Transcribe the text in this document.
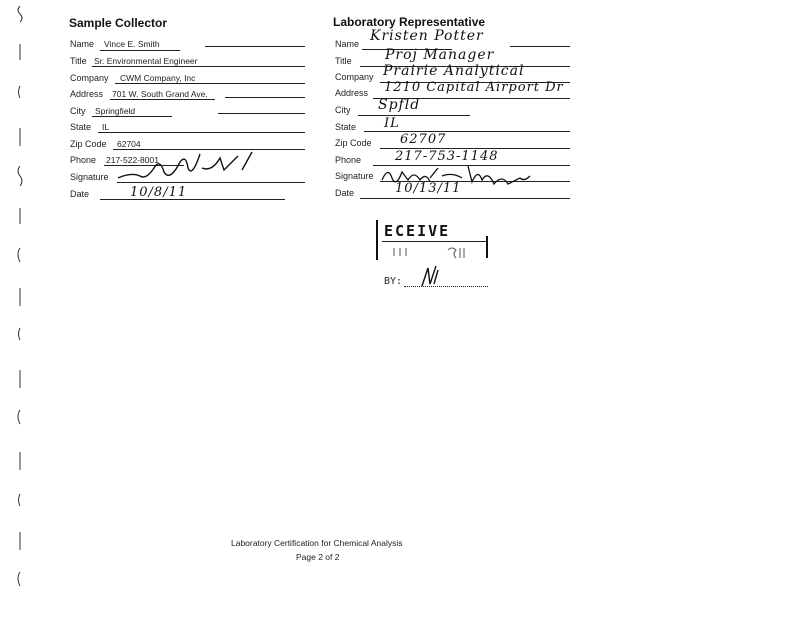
Sample Collector
Name Vince E. Smith
Title Sr. Environmental Engineer
Company CWM Company, Inc
Address 701 W. South Grand Ave.
City Springfield
State IL
Zip Code 62704
Phone 217-522-8001
Signature
Date	10/8/11
Laboratory Representative
Name Kristen Potter
Title Proj Manager
Company Prairie Analytical
Address 1210 Capital Airport Dr
City Spfld
State IL
Zip Code 62707
Phone	217-753-1148
Signature
Date	10/13/11
ECEIVE
BY:
Laboratory Certification for Chemical Analysis
Page 2 of 2
